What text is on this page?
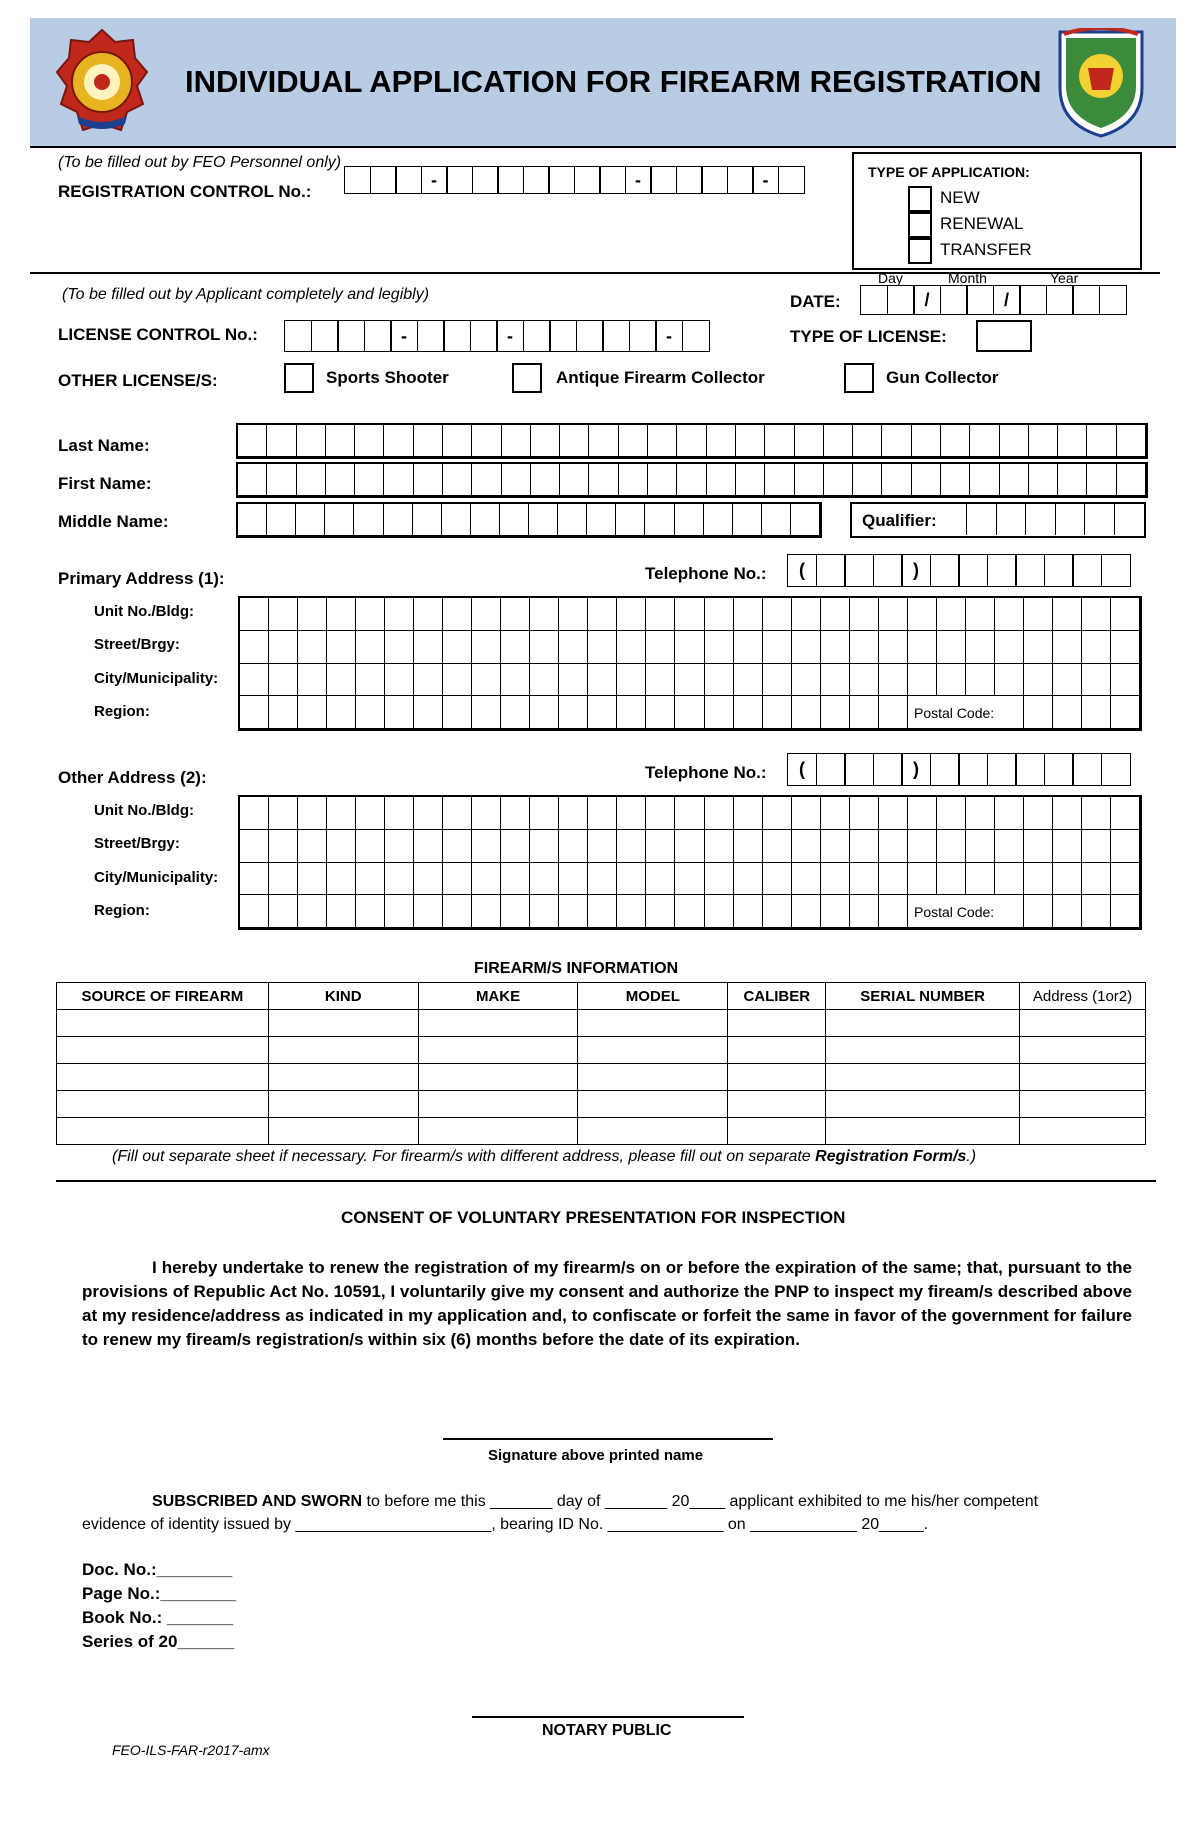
INDIVIDUAL APPLICATION FOR FIREARM REGISTRATION
(To be filled out by FEO Personnel only)
REGISTRATION CONTROL No.:
-	-	-	TYPE OF APPLICATION:
NEW
RENEWAL
TRANSFER
(To be filled out by Applicant completely and legibly)	DATE:
Day	Month	Year
/	/
LICENSE CONTROL No.:	-	-	-	TYPE OF LICENSE:
OTHER LICENSE/S:	Sports Shooter	Antique Firearm Collector	Gun Collector
Last Name:
First Name:
Middle Name:	Qualifier:
Primary Address (1):	Telephone No.:	(	)
Unit No./Bldg:
Street/Brgy:
City/Municipality:
Region:	Postal Code:
Other Address (2):	Telephone No.:	(	)
Unit No./Bldg:
Street/Brgy:
City/Municipality:
Region:	Postal Code:
FIREARM/S INFORMATION
SOURCE OF FIREARM	KIND	MAKE	MODEL	CALIBER	SERIAL NUMBER	Address (1or2)

(Fill out separate sheet if necessary. For firearm/s with different address, please fill out on separate Registration Form/s.)
CONSENT OF VOLUNTARY PRESENTATION FOR INSPECTION
I hereby undertake to renew the registration of my firearm/s on or before the expiration of the same; that, pursuant to the provisions of Republic Act No. 10591, I voluntarily give my consent and authorize the PNP to inspect my fiream/s described above at my residence/address as indicated in my application and, to confiscate or forfeit the same in favor of the government for failure to renew my fiream/s registration/s within six (6) months before the date of its expiration.
Signature above printed name
SUBSCRIBED AND SWORN to before me this _______ day of _______ 20____ applicant exhibited to me his/her competent
evidence of identity issued by ______________________, bearing ID No. _____________ on ____________ 20_____.
Doc. No.:________
Page No.:________
Book No.: _______
Series of 20______
NOTARY PUBLIC
FEO-ILS-FAR-r2017-amx
